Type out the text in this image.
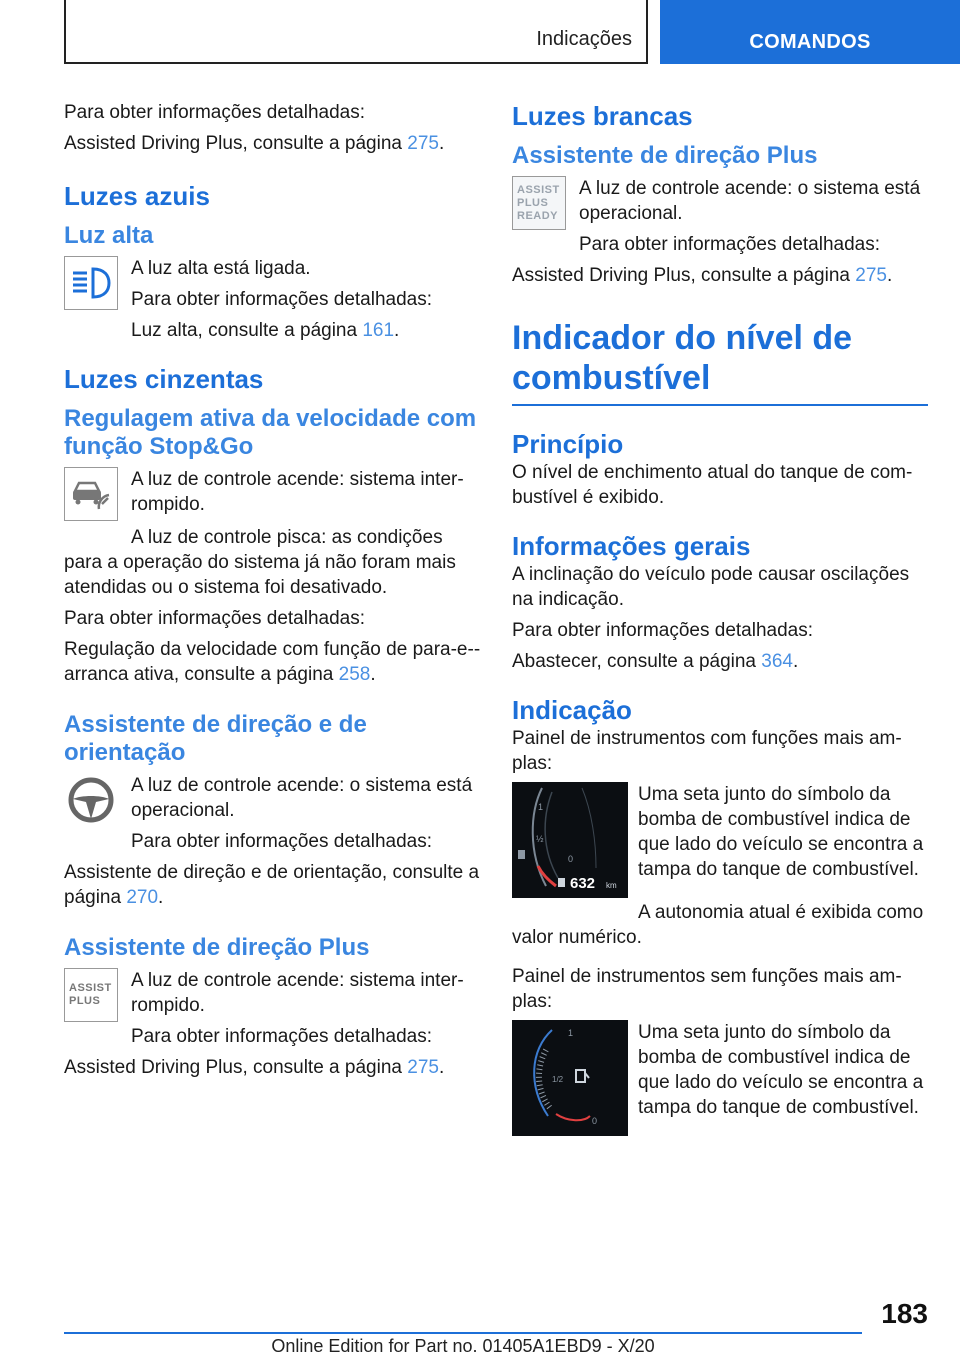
Indicações	COMANDOS

Para obter informações detalhadas:

Assisted Driving Plus, consulte a página 275.

Luzes azuis
Luz alta

A luz alta está ligada.

Para obter informações detalhadas:

Luz alta, consulte a página 161.

Luzes cinzentas
Regulagem ativa da velocidade com função Stop&Go

A luz de controle acende: sistema inter-rompido.

A luz de controle pisca: as condições para a operação do sistema já não foram mais atendidas ou o sistema foi desativado.

Para obter informações detalhadas:

Regulação da velocidade com função de para-e--arranca ativa, consulte a página 258.

Assistente de direção e de orientação

A luz de controle acende: o sistema está operacional.

Para obter informações detalhadas:

Assistente de direção e de orientação, consulte a página 270.

Assistente de direção Plus
ASSIST
PLUS

A luz de controle acende: sistema inter-rompido.

Para obter informações detalhadas:

Assisted Driving Plus, consulte a página 275.

Luzes brancas
Assistente de direção Plus
ASSIST
PLUS
READY

A luz de controle acende: o sistema está operacional.

Para obter informações detalhadas:

Assisted Driving Plus, consulte a página 275.

Indicador do nível de combustível
Princípio

O nível de enchimento atual do tanque de com-bustível é exibido.

Informações gerais

A inclinação do veículo pode causar oscilações na indicação.

Para obter informações detalhadas:

Abastecer, consulte a página 364.

Indicação

Painel de instrumentos com funções mais am-plas:

1
½
0
632 km

Uma seta junto do símbolo da bomba de combustível indica de que lado do veículo se encontra a tampa do tanque de combustível.

A autonomia atual é exibida como valor numérico.

Painel de instrumentos sem funções mais am-plas:

1
1/2
0

Uma seta junto do símbolo da bomba de combustível indica de que lado do veículo se encontra a tampa do tanque de combustível.

183
Online Edition for Part no. 01405A1EBD9 - X/20
